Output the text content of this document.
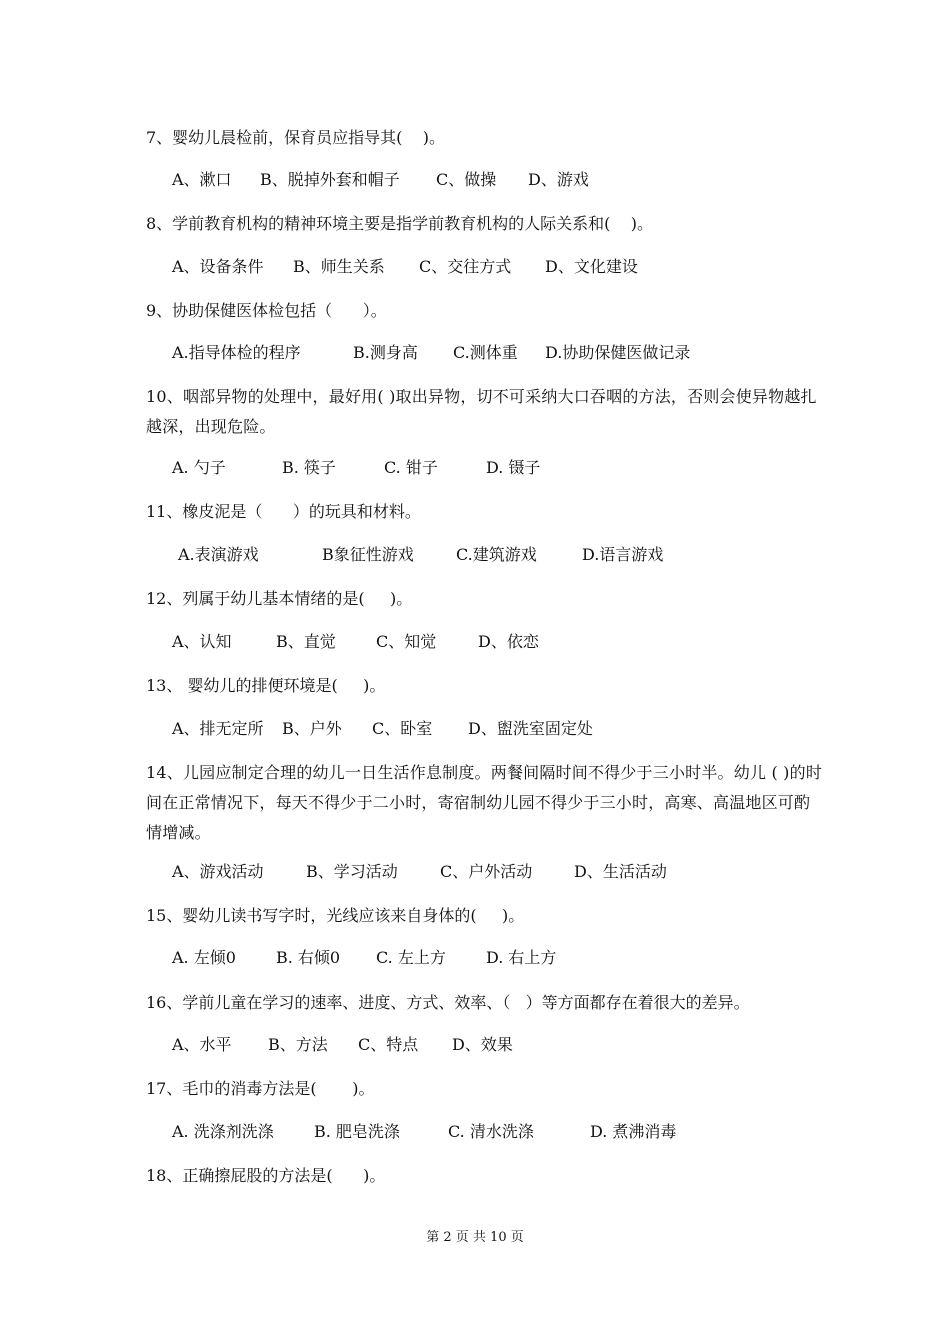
7、婴幼儿晨检前，保育员应指导其(    )。
A、漱口 B、脱掉外套和帽子 C、做操 D、游戏
8、学前教育机构的精神环境主要是指学前教育机构的人际关系和(    )。
A、设备条件 B、师生关系 C、交往方式 D、文化建设
9、协助保健医体检包括（      ）。
A.指导体检的程序	B.测身高 C.测体重 D.协助保健医做记录
10、咽部异物的处理中，最好用( )取出异物，切不可采纳大口吞咽的方法，否则会使异物越扎越深，出现危险。
A. 勺子	B. 筷子	C. 钳子	D. 镊子
11、橡皮泥是（      ）的玩具和材料。
A.表演游戏	B象征性游戏	C.建筑游戏	D.语言游戏
12、列属于幼儿基本情绪的是(     )。
A、认知	B、直觉	C、知觉	D、依恋
13、 婴幼儿的排便环境是(     )。
A、排无定所 B、户外 C、卧室 D、盥洗室固定处
14、儿园应制定合理的幼儿一日生活作息制度。两餐间隔时间不得少于三小时半。幼儿 ( )的时间在正常情况下，每天不得少于二小时，寄宿制幼儿园不得少于三小时，高寒、高温地区可酌情增减。
A、游戏活动	B、学习活动	C、户外活动	D、生活活动
15、婴幼儿读书写字时，光线应该来自身体的(     )。
A. 左倾0	B. 右倾0 C. 左上方	D. 右上方
16、学前儿童在学习的速率、进度、方式、效率、（   ）等方面都存在着很大的差异。
A、水平 B、方法 C、特点 D、效果
17、毛巾的消毒方法是(       )。
A. 洗涤剂洗涤	B. 肥皂洗涤	C. 清水洗涤	D. 煮沸消毒
18、正确擦屁股的方法是(      )。
第 2 页 共 10 页
